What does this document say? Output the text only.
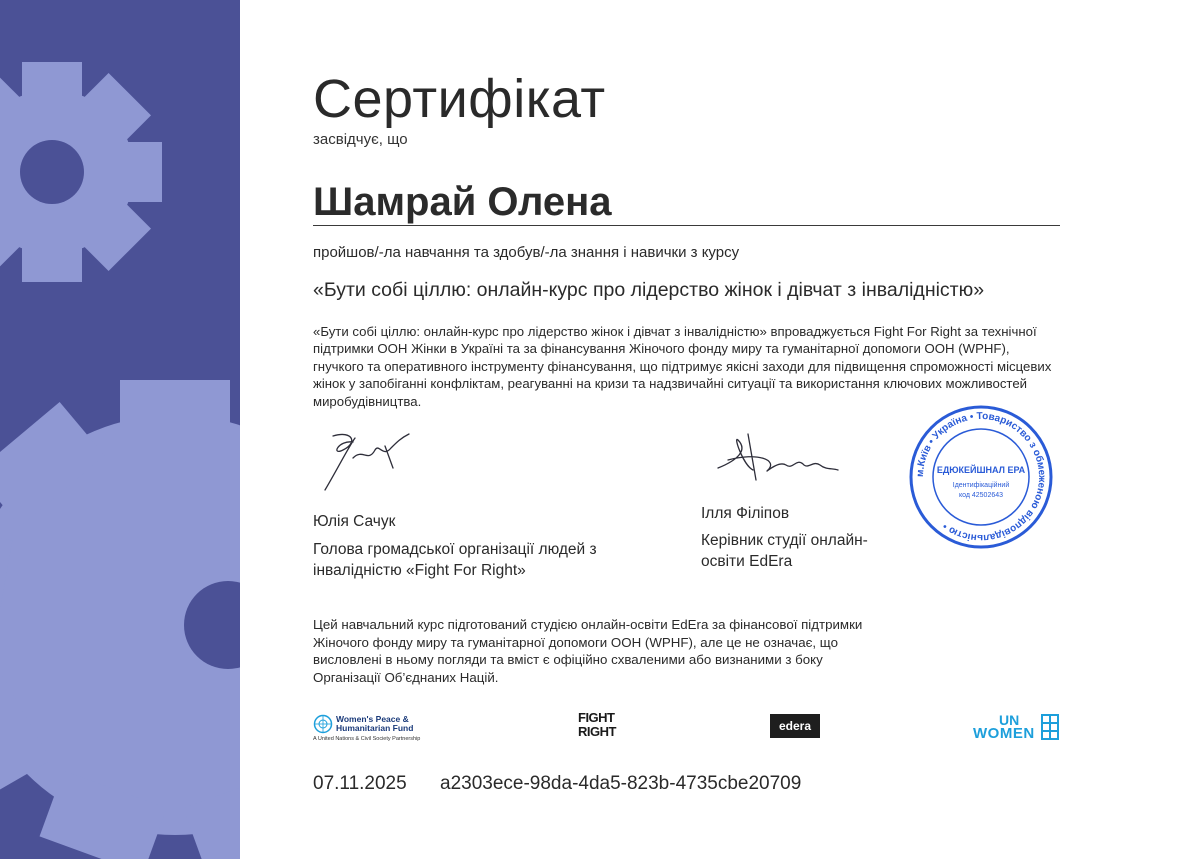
Сертифікат
засвідчує, що
Шамрай Олена
пройшов/-ла навчання та здобув/-ла знання і навички з курсу
«Бути собі ціллю: онлайн-курс про лідерство жінок і дівчат з інвалідністю»
«Бути собі ціллю: онлайн-курс про лідерство жінок і дівчат з інвалідністю» впроваджується Fight For Right за технічної підтримки ООН Жінки в Україні та за фінансування Жіночого фонду миру та гуманітарної допомоги ООН (WPHF), гнучкого та оперативного інструменту фінансування, що підтримує якісні заходи для підвищення спроможності місцевих жінок у запобіганні конфліктам, реагуванні на кризи та надзвичайні ситуації та використання ключових можливостей миробудівництва.
м.Київ • Україна • Товариство з обмеженою відповідальністю •
ЕДЮКЕЙШНАЛ ЕРА
Ідентифікаційний
код 42502643
Юлія Сачук
Голова громадської організації людей з інвалідністю «Fight For Right»
Ілля Філіпов
Керівник студії онлайн-освіти EdEra
Цей навчальний курс підготований студією онлайн-освіти EdEra за фінансової підтримки Жіночого фонду миру та гуманітарної допомоги ООН (WPHF), але це не означає, що висловлені в ньому погляди та вміст є офіційно схваленими або визнаними з боку Організації Об’єднаних Націй.
Women's Peace &
Humanitarian Fund
A United Nations & Civil Society Partnership
FIGHT
RIGHT	edera	UN
WOMEN
07.11.2025 a2303ece-98da-4da5-823b-4735cbe20709
